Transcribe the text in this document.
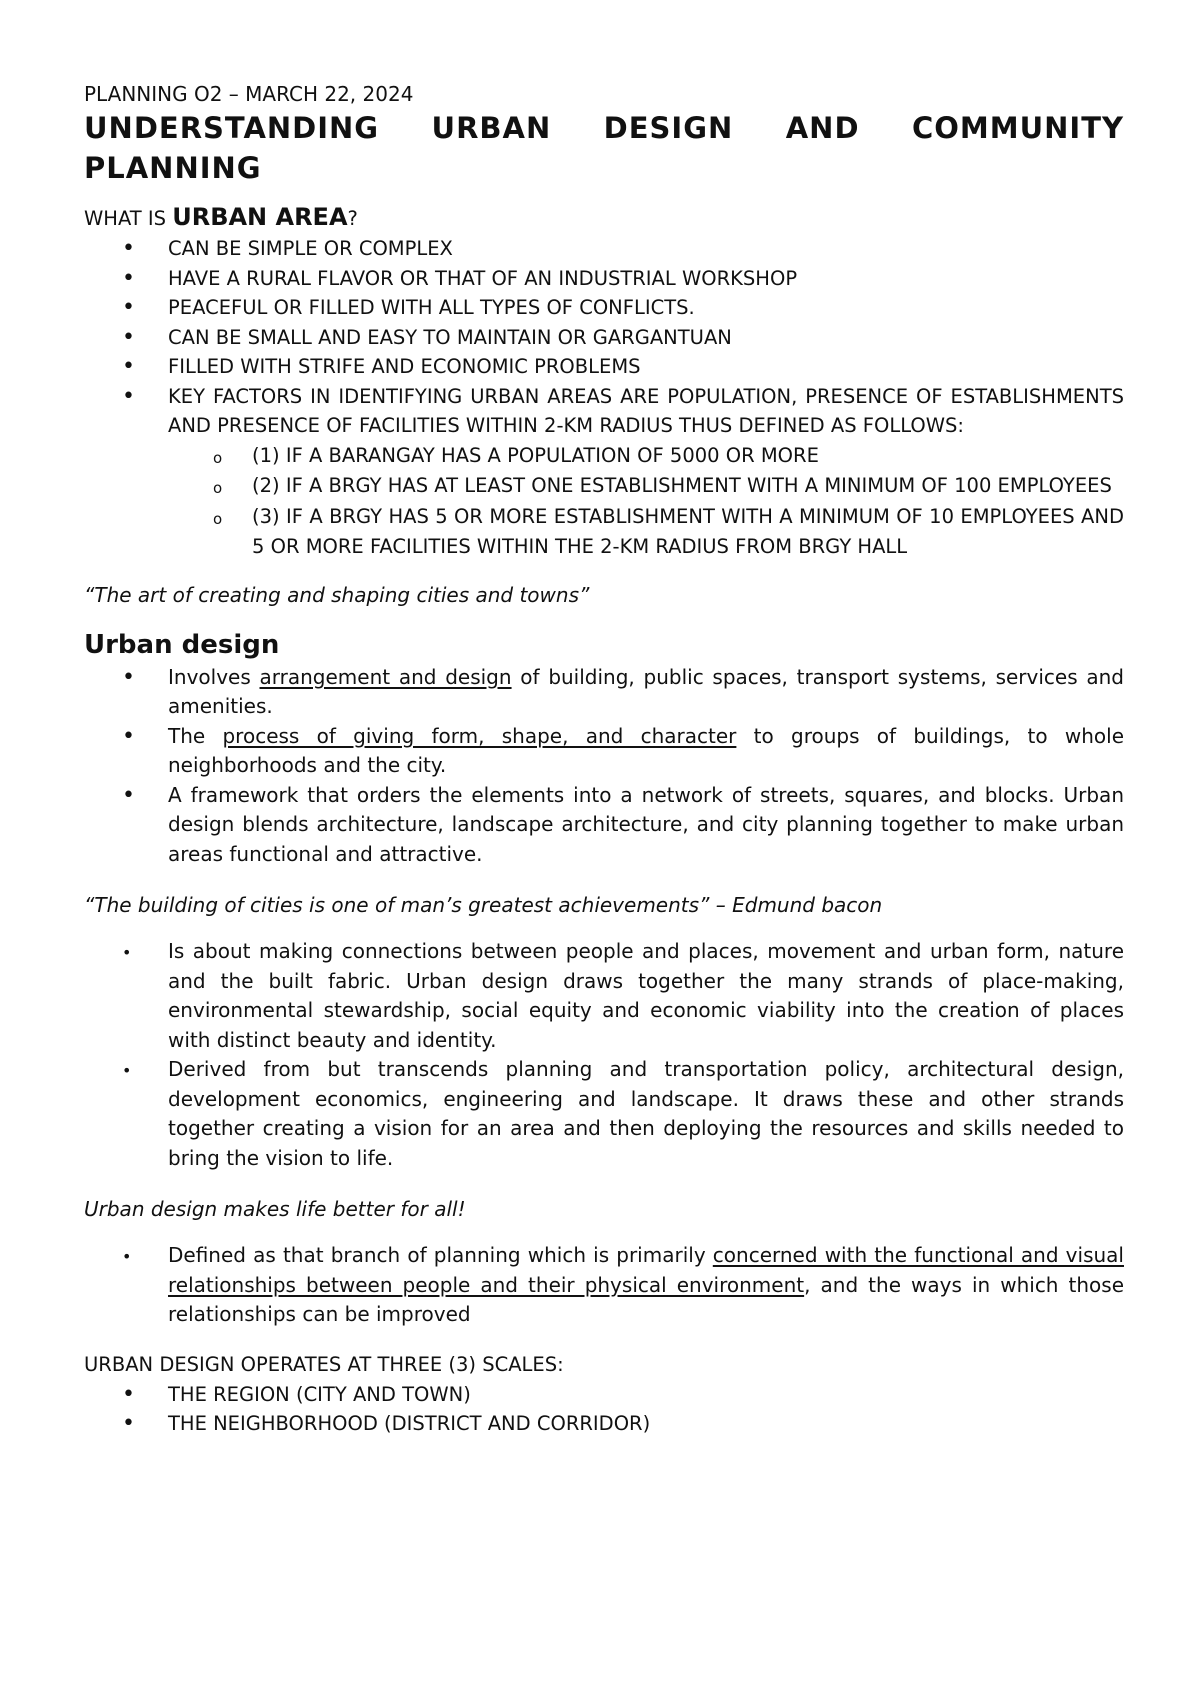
PLANNING O2 – MARCH 22, 2024

UNDERSTANDING URBAN DESIGN AND COMMUNITY PLANNING

WHAT IS URBAN AREA?

• CAN BE SIMPLE OR COMPLEX
• HAVE A RURAL FLAVOR OR THAT OF AN INDUSTRIAL WORKSHOP
• PEACEFUL OR FILLED WITH ALL TYPES OF CONFLICTS.
• CAN BE SMALL AND EASY TO MAINTAIN OR GARGANTUAN
• FILLED WITH STRIFE AND ECONOMIC PROBLEMS
• KEY FACTORS IN IDENTIFYING URBAN AREAS ARE POPULATION, PRESENCE OF ESTABLISHMENTS AND PRESENCE OF FACILITIES WITHIN 2-KM RADIUS THUS DEFINED AS FOLLOWS:
o (1) IF A BARANGAY HAS A POPULATION OF 5000 OR MORE
o (2) IF A BRGY HAS AT LEAST ONE ESTABLISHMENT WITH A MINIMUM OF 100 EMPLOYEES
o (3) IF A BRGY HAS 5 OR MORE ESTABLISHMENT WITH A MINIMUM OF 10 EMPLOYEES AND 5 OR MORE FACILITIES WITHIN THE 2-KM RADIUS FROM BRGY HALL

“The art of creating and shaping cities and towns”

Urban design

• Involves arrangement and design of building, public spaces, transport systems, services and amenities.
• The process of giving form, shape, and character to groups of buildings, to whole neighborhoods and the city.
• A framework that orders the elements into a network of streets, squares, and blocks. Urban design blends architecture, landscape architecture, and city planning together to make urban areas functional and attractive.

“The building of cities is one of man’s greatest achievements” – Edmund bacon

• Is about making connections between people and places, movement and urban form, nature and the built fabric. Urban design draws together the many strands of place-making, environmental stewardship, social equity and economic viability into the creation of places with distinct beauty and identity.
• Derived from but transcends planning and transportation policy, architectural design, development economics, engineering and landscape. It draws these and other strands together creating a vision for an area and then deploying the resources and skills needed to bring the vision to life.

Urban design makes life better for all!

• Defined as that branch of planning which is primarily concerned with the functional and visual relationships between people and their physical environment, and the ways in which those relationships can be improved

URBAN DESIGN OPERATES AT THREE (3) SCALES:

• THE REGION (CITY AND TOWN)
• THE NEIGHBORHOOD (DISTRICT AND CORRIDOR)
